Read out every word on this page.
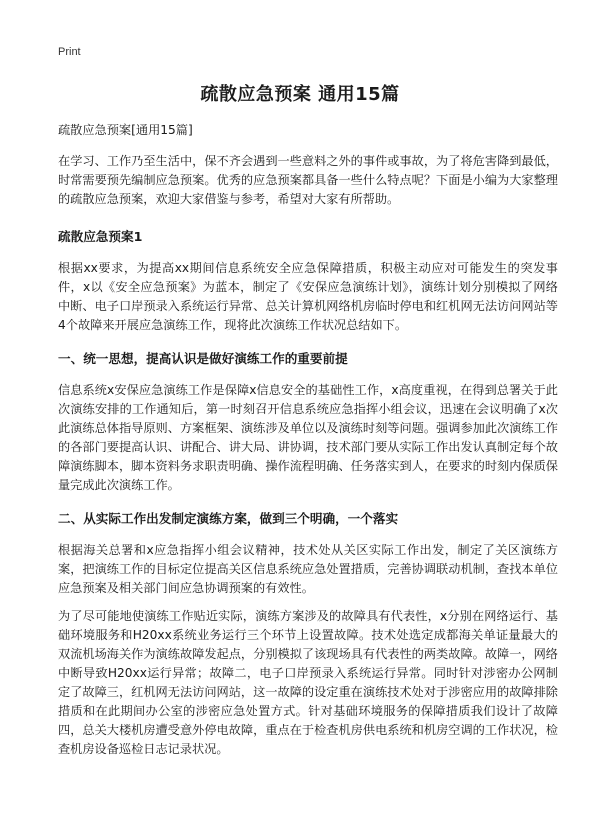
Print
疏散应急预案 通用15篇

疏散应急预案[通用15篇]

在学习、工作乃至生活中，保不齐会遇到一些意料之外的事件或事故，为了将危害降到最低，时常需要预先编制应急预案。优秀的应急预案都具备一些什么特点呢？下面是小编为大家整理的疏散应急预案，欢迎大家借鉴与参考，希望对大家有所帮助。

疏散应急预案1

根据xx要求，为提高xx期间信息系统安全应急保障措质，积极主动应对可能发生的突发事件，x以《安全应急预案》为蓝本，制定了《安保应急演练计划》，演练计划分别模拟了网络中断、电子口岸预录入系统运行异常、总关计算机网络机房临时停电和红机网无法访问网站等4个故障来开展应急演练工作，现将此次演练工作状况总结如下。

一、统一思想，提高认识是做好演练工作的重要前提

信息系统x安保应急演练工作是保障x信息安全的基础性工作，x高度重视，在得到总署关于此次演练安排的工作通知后，第一时刻召开信息系统应急指挥小组会议，迅速在会议明确了x次此演练总体指导原则、方案框架、演练涉及单位以及演练时刻等问题。强调参加此次演练工作的各部门要提高认识、讲配合、讲大局、讲协调，技术部门要从实际工作出发认真制定每个故障演练脚本，脚本资料务求职责明确、操作流程明确、任务落实到人，在要求的时刻内保质保量完成此次演练工作。

二、从实际工作出发制定演练方案，做到三个明确，一个落实

根据海关总署和x应急指挥小组会议精神，技术处从关区实际工作出发，制定了关区演练方案，把演练工作的目标定位提高关区信息系统应急处置措质，完善协调联动机制，查找本单位应急预案及相关部门间应急协调预案的有效性。

为了尽可能地使演练工作贴近实际，演练方案涉及的故障具有代表性，x分别在网络运行、基础环境服务和H20xx系统业务运行三个环节上设置故障。技术处选定成都海关单证量最大的双流机场海关作为演练故障发起点，分别模拟了该现场具有代表性的两类故障。故障一，网络中断导致H20xx运行异常；故障二，电子口岸预录入系统运行异常。同时针对涉密办公网制定了故障三，红机网无法访问网站，这一故障的设定重在演练技术处对于涉密应用的故障排除措质和在此期间办公室的涉密应急处置方式。针对基础环境服务的保障措质我们设计了故障四，总关大楼机房遭受意外停电故障，重点在于检查机房供电系统和机房空调的工作状况，检查机房设备巡检日志记录状况。
